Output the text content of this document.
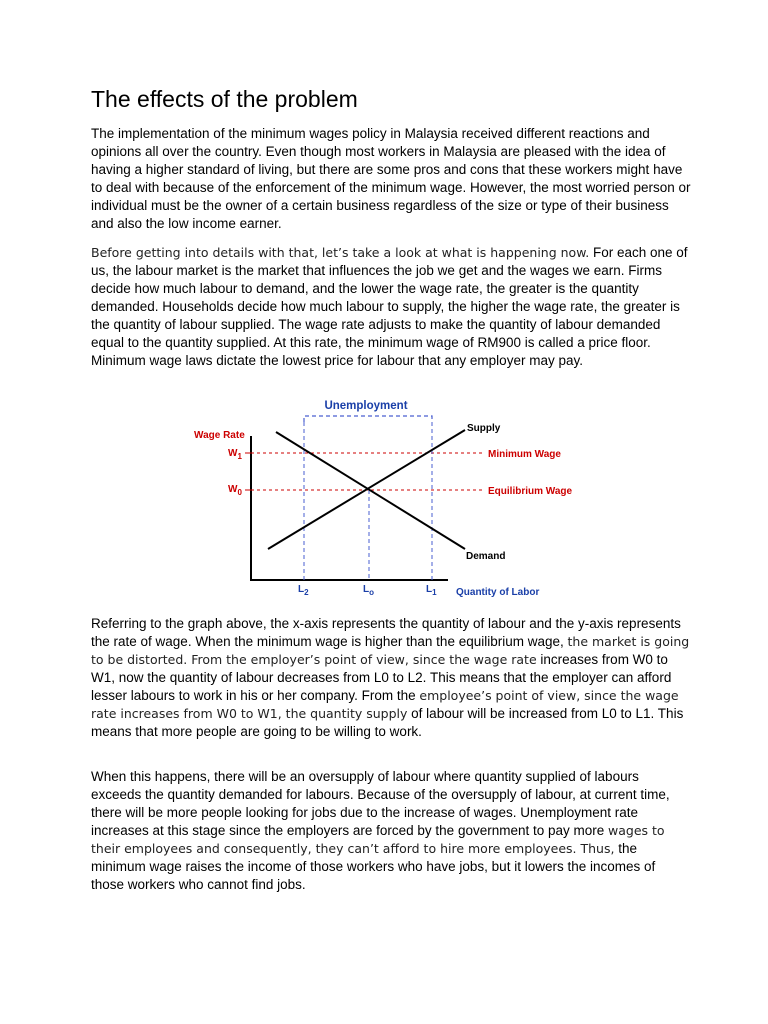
The effects of the problem

The implementation of the minimum wages policy in Malaysia received different reactions and opinions all over the country. Even though most workers in Malaysia are pleased with the idea of having a higher standard of living, but there are some pros and cons that these workers might have to deal with because of the enforcement of the minimum wage. However, the most worried person or individual must be the owner of a certain business regardless of the size or type of their business and also the low income earner.

Before getting into details with that, let’s take a look at what is happening now. For each one of us, the labour market is the market that influences the job we get and the wages we earn. Firms decide how much labour to demand, and the lower the wage rate, the greater is the quantity demanded. Households decide how much labour to supply, the higher the wage rate, the greater is the quantity of labour supplied. The wage rate adjusts to make the quantity of labour demanded equal to the quantity supplied. At this rate, the minimum wage of RM900 is called a price floor. Minimum wage laws dictate the lowest price for labour that any employer may pay.

Unemployment
Wage Rate
Quantity of Labor
$W_1$
$W_0$
$L_2$	$L_o$	$L_1$
Supply
Demand
Minimum Wage
Equilibrium Wage

Referring to the graph above, the x-axis represents the quantity of labour and the y-axis represents the rate of wage. When the minimum wage is higher than the equilibrium wage, the market is going to be distorted. From the employer’s point of view, since the wage rate increases from W0 to W1, now the quantity of labour decreases from L0 to L2. This means that the employer can afford lesser labours to work in his or her company. From the employee’s point of view, since the wage rate increases from W0 to W1, the quantity supply of labour will be increased from L0 to L1. This means that more people are going to be willing to work.

When this happens, there will be an oversupply of labour where quantity supplied of labours exceeds the quantity demanded for labours. Because of the oversupply of labour, at current time, there will be more people looking for jobs due to the increase of wages. Unemployment rate increases at this stage since the employers are forced by the government to pay more wages to their employees and consequently, they can’t afford to hire more employees. Thus, the minimum wage raises the income of those workers who have jobs, but it lowers the incomes of those workers who cannot find jobs.
